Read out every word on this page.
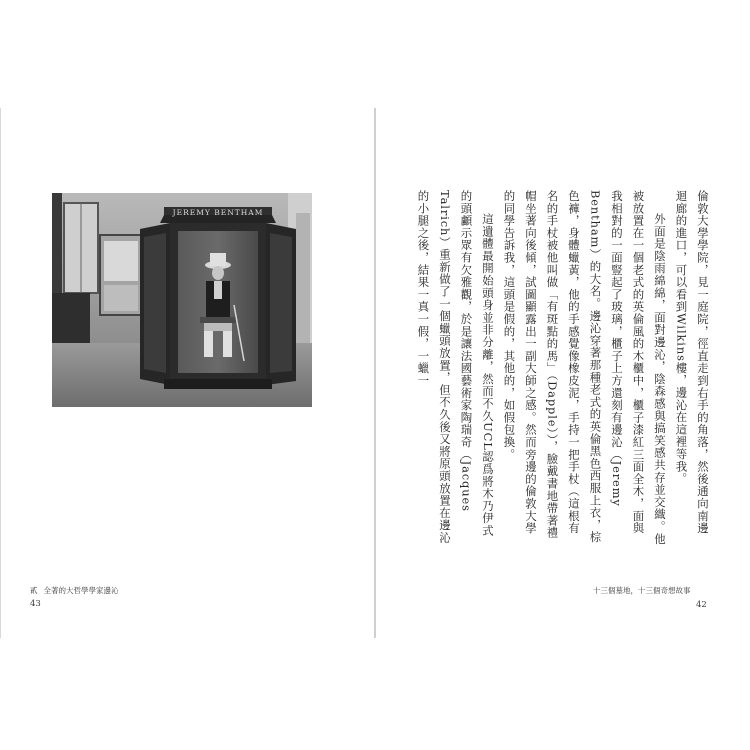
JEREMY BENTHAM	倫敦大學學院，見一庭院，徑直走到右手的角落，然後通向南邊迴廊的進口，可以看到Wilkins樓，邊沁在這裡等我。

外面是陰雨綿綿，面對邊沁，陰森感與搞笑感共存並交織。他被放置在一個老式的英倫風的木櫃中，櫃子漆紅三面全木，面與我相對的一面豎起了玻璃，櫃子上方還刻有邊沁（Jeremy Bentham）的大名。邊沁穿著那種老式的英倫黑色西服上衣，棕色褲，身體蠟黃，他的手感覺像橡皮泥，手持一把手杖（這根有名的手杖被他叫做「有斑點的馬」（Dapple）），臉戴書地帶著禮帽坐著向後傾，試圖顯露出一副大師之感。然而旁邊的倫敦大學的同學告訴我，這頭是假的，其他的，如假包換。

這遺體最開始頭身並非分離，然而不久UCL認爲將木乃伊式的頭顱示眾有欠雅觀，於是讓法國藝術家陶瑞奇（Jacques Talrich）重新做了一個蠟頭放置，但不久後又將原頭放置在邊沁的小腿之後，結果一真一假，一蠟一

貳 全著的大哲學學家邊沁
43
十三個墓地，十三個奇想故事
42
